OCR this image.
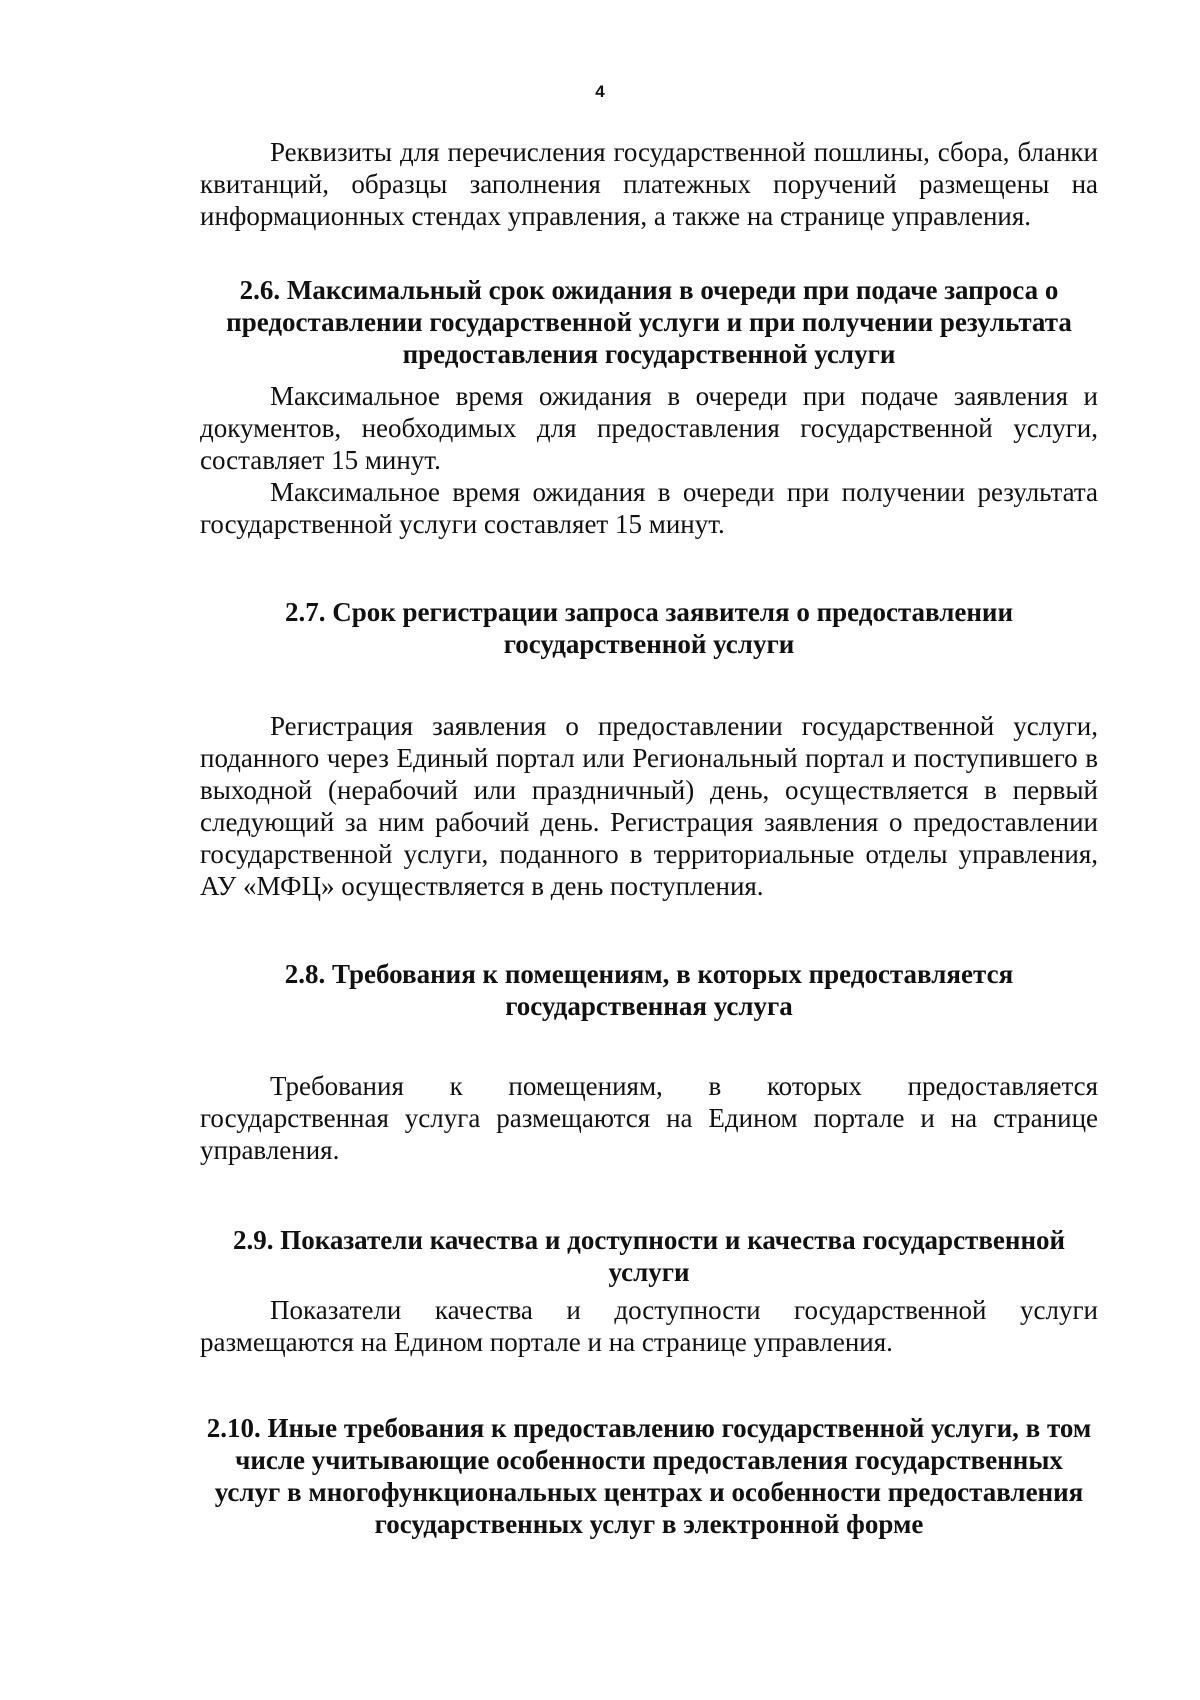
4

Реквизиты для перечисления государственной пошлины, сбора, бланки квитанций, образцы заполнения платежных поручений размещены на информационных стендах управления, а также на странице управления.

2.6. Максимальный срок ожидания в очереди при подаче запроса о предоставлении государственной услуги и при получении результата предоставления государственной услуги

Максимальное время ожидания в очереди при подаче заявления и документов, необходимых для предоставления государственной услуги, составляет 15 минут.

Максимальное время ожидания в очереди при получении результата государственной услуги составляет 15 минут.

2.7. Срок регистрации запроса заявителя о предоставлении государственной услуги

Регистрация заявления о предоставлении государственной услуги, поданного через Единый портал или Региональный портал и поступившего в выходной (нерабочий или праздничный) день, осуществляется в первый следующий за ним рабочий день. Регистрация заявления о предоставлении государственной услуги, поданного в территориальные отделы управления, АУ «МФЦ» осуществляется в день поступления.

2.8. Требования к помещениям, в которых предоставляется государственная услуга

Требования к помещениям, в которых предоставляется государственная услуга размещаются на Едином портале и на странице управления.

2.9. Показатели качества и доступности и качества государственной услуги

Показатели качества и доступности государственной услуги размещаются на Едином портале и на странице управления.

2.10. Иные требования к предоставлению государственной услуги, в том числе учитывающие особенности предоставления государственных услуг в многофункциональных центрах и особенности предоставления государственных услуг в электронной форме
